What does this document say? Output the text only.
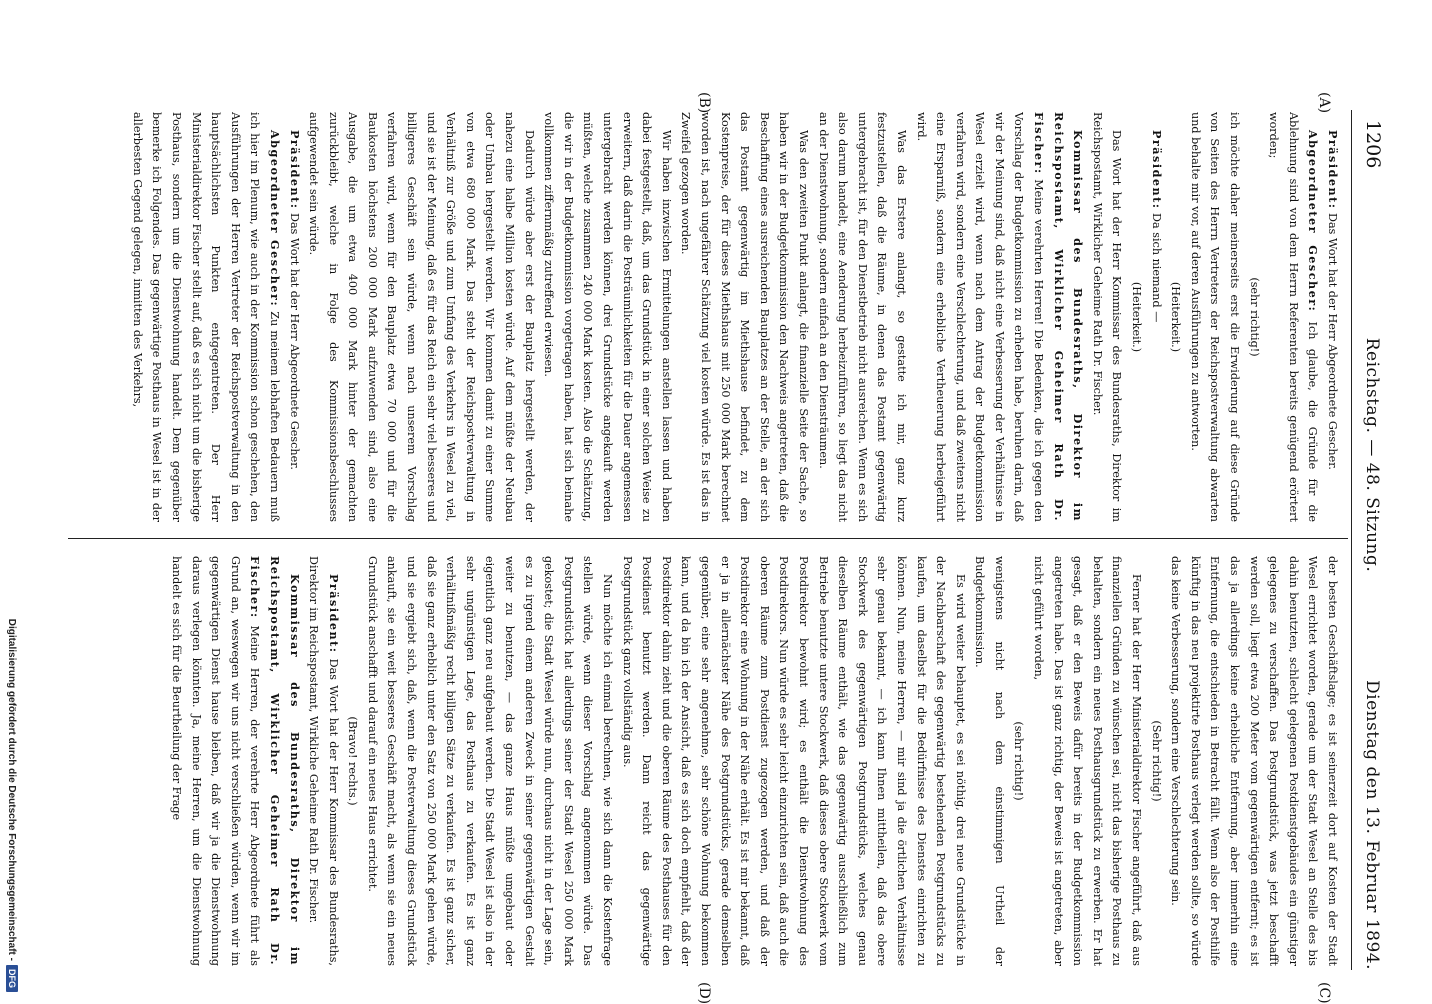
1206
Reichstag. — 48. Sitzung.
Dienstag den 13. Februar 1894.
(A)
(B)
(C)
(D)

Präsident: Das Wort hat der Herr Abgeordnete Gescher.

Abgeordneter Gescher: Ich glaube, die Gründe für die Ablehnung sind von dem Herrn Referenten bereits genügend erörtert worden;

(sehr richtig!)

ich möchte daher meinerseits erst die Erwiderung auf diese Gründe von Seiten des Herrn Vertreters der Reichspostverwaltung abwarten und behalte mir vor, auf deren Ausführungen zu antworten.

(Heiterkeit.)

Präsident: Da sich niemand —

(Heiterkeit.)

Das Wort hat der Herr Kommissar des Bundesraths, Direktor im Reichspostamt, Wirklicher Geheime Rath Dr. Fischer.

Kommissar des Bundesraths, Direktor im Reichspostamt, Wirklicher Geheimer Rath Dr. Fischer: Meine verehrten Herren! Die Bedenken, die ich gegen den Vorschlag der Budgetkommission zu erheben habe, beruhen darin, daß wir der Meinung sind, daß nicht eine Verbesserung der Verhältnisse in Wesel erzielt wird, wenn nach dem Antrag der Budgetkommission verfahren wird, sondern eine Verschlechterung, und daß zweitens nicht eine Ersparniß, sondern eine erhebliche Vertheuerung herbeigeführt wird.

Was das Erstere anlangt, so gestatte ich mir, ganz kurz festzustellen, daß die Räume, in denen das Postamt gegenwärtig untergebracht ist, für den Dienstbetrieb nicht ausreichen. Wenn es sich also darum handelt, eine Aenderung herbeizuführen, so liegt das nicht an der Dienstwohnung, sondern einfach an den Diensträumen.

Was den zweiten Punkt anlangt, die finanzielle Seite der Sache, so haben wir in der Budgetkommission den Nachweis angetreten, daß die Beschaffung eines ausreichenden Bauplatzes an der Stelle, an der sich das Postamt gegenwärtig im Miethshause befindet, zu dem Kostenpreise, der für dieses Miethshaus mit 250 000 Mark berechnet worden ist, nach ungefährer Schätzung viel kosten würde. Es ist das in Zweifel gezogen worden.

Wir haben inzwischen Ermittelungen anstellen lassen und haben dabei festgestellt, daß, um das Grundstück in einer solchen Weise zu erweitern, daß darin die Posträumlichkeiten für die Dauer angemessen untergebracht werden können, drei Grundstücke angekauft werden müßten, welche zusammen 240 000 Mark kosten. Also die Schätzung, die wir in der Budgetkommission vorgetragen haben, hat sich beinahe vollkommen ziffernmäßig zutreffend erwiesen.

Dadurch würde aber erst der Bauplatz hergestellt werden, der nahezu eine halbe Million kosten würde. Auf dem müßte der Neubau oder Umbau hergestellt werden. Wir kommen damit zu einer Summe von etwa 680 000 Mark. Das steht der Reichspostverwaltung in Verhältniß zur Größe und zum Umfang des Verkehrs in Wesel zu viel, und sie ist der Meinung, daß es für das Reich ein sehr viel besseres und billigeres Geschäft sein würde, wenn nach unserem Vorschlag verfahren wird, wenn für den Bauplatz etwa 70 000 und für die Baukosten höchstens 200 000 Mark aufzuwenden sind, also eine Ausgabe, die um etwa 400 000 Mark hinter der gemachten zurückbleibt, welche in Folge des Kommissionsbeschlusses aufgewendet sein würde.

Präsident: Das Wort hat der Herr Abgeordnete Gescher.

Abgeordneter Gescher: Zu meinem lebhaften Bedauern muß ich hier im Plenum, wie auch in der Kommission schon geschehen, den Ausführungen der Herren Vertreter der Reichspostverwaltung in den hauptsächlichsten Punkten entgegentreten. Der Herr Ministerialdirektor Fischer stellt auf, daß es sich nicht um die bisherige Posthaus, sondern um die Dienstwohnung handelt. Dem gegenüber bemerke ich Folgendes. Das gegenwärtige Posthaus in Wesel ist in der allerbesten Gegend gelegen, inmitten des Verkehrs,

der besten Geschäftslage; es ist seinerzeit dort auf Kosten der Stadt Wesel errichtet worden, gerade um der Stadt Wesel an Stelle des bis dahin benutzten, schlecht gelegenen Postdienstgebäudes ein günstiger gelegenes zu verschaffen. Das Postgrundstück, was jetzt beschafft werden soll, liegt etwa 200 Meter vom gegenwärtigen entfernt; es ist das ja allerdings keine erhebliche Entfernung, aber immerhin eine Entfernung, die entschieden in Betracht fällt. Wenn also der Posthilfe künftig in das neu projektirte Posthaus verlegt werden sollte, so würde das keine Verbesserung, sondern eine Verschlechterung sein.

(Sehr richtig!)

Ferner hat der Herr Ministerialdirektor Fischer angeführt, daß aus finanziellen Gründen zu wünschen sei, nicht das bisherige Posthaus zu behalten, sondern ein neues Posthausgrundstück zu erwerben. Er hat gesagt, daß er den Beweis dafür bereits in der Budgetkommission angetreten habe. Das ist ganz richtig, der Beweis ist angetreten, aber nicht geführt worden,

(sehr richtig!)

wenigstens nicht nach dem einstimmigen Urtheil der Budgetkommission.

Es wird weiter behauptet, es sei nöthig, drei neue Grundstücke in der Nachbarschaft des gegenwärtig bestehenden Postgrundstücks zu kaufen, um daselbst für die Bedürfnisse des Dienstes einrichten zu können. Nun, meine Herren, — mir sind ja die örtlichen Verhältnisse sehr genau bekannt, — ich kann Ihnen mittheilen, daß das obere Stockwerk des gegenwärtigen Postgrundstücks, welches genau dieselben Räume enthält, wie das gegenwärtig ausschließlich zum Betriebe benutzte untere Stockwerk, daß dieses obere Stockwerk vom Postdirektor bewohnt wird; es enthält die Dienstwohnung des Postdirektors. Nun würde es sehr leicht einzurichten sein, daß auch die oberen Räume zum Postdienst zugezogen werden, und daß der Postdirektor eine Wohnung in der Nähe erhält. Es ist mir bekannt, daß er ja in allernächster Nähe des Postgrundstücks, gerade demselben gegenüber, eine sehr angenehme, sehr schöne Wohnung bekommen kann, und da bin ich der Ansicht, daß es sich doch empfiehlt, daß der Postdirektor dahin zieht und die oberen Räume des Posthauses für den Postdienst benutzt werden. Dann reicht das gegenwärtige Postgrundstück ganz vollständig aus.

Nun möchte ich einmal berechnen, wie sich dann die Kostenfrage stellen würde, wenn dieser Vorschlag angenommen würde. Das Postgrundstück hat allerdings seiner der Stadt Wesel 250 000 Mark gekostet; die Stadt Wesel würde nun, durchaus nicht in der Lage sein, es zu irgend einem anderen Zweck in seiner gegenwärtigen Gestalt weiter zu benutzen, — das ganze Haus müßte umgebaut oder eigentlich ganz neu aufgebaut werden. Die Stadt Wesel ist also in der sehr ungünstigen Lage, das Posthaus zu verkaufen. Es ist ganz verhältnißmäßig recht billigen Sätze zu verkaufen. Es ist ganz sicher, daß sie ganz erheblich unter den Satz von 250 000 Mark gehen würde, und sie ergiebt sich, daß, wenn die Postverwaltung dieses Grundstück ankauft, sie ein weit besseres Geschäft macht, als wenn sie ein neues Grundstück anschafft und darauf ein neues Haus errichtet.

(Bravo! rechts.)

Präsident: Das Wort hat der Herr Kommissar des Bundesraths, Direktor im Reichspostamt, Wirkliche Geheime Rath Dr. Fischer.

Kommissar des Bundesraths, Direktor im Reichspostamt, Wirklicher Geheimer Rath Dr. Fischer: Meine Herren, der verehrte Herr Abgeordnete führt als Grund an, weswegen wir uns nicht verschließen würden, wenn wir im gegenwärtigen Dienst hause bleiben, daß wir ja die Dienstwohnung daraus verlegen könnten. Ja, meine Herren, um die Dienstwohnung handelt es sich für die Beurtheilung der Frage

Digitalisierung gefördert durch die Deutsche Forschungsgemeinschaft -
DFG
